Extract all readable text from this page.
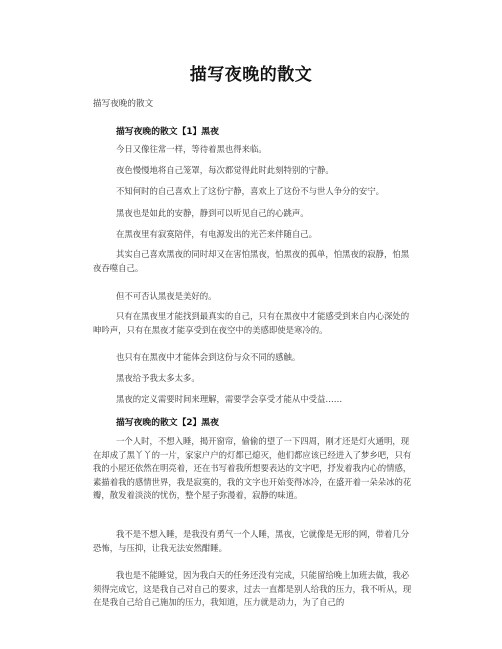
描写夜晚的散文
描写夜晚的散文
描写夜晚的散文【1】黑夜
今日又像往常一样，等待着黑也得来临。
夜色慢慢地将自己笼罩，每次都觉得此时此刻特别的宁静。
不知何时的自己喜欢上了这份宁静，喜欢上了这份不与世人争分的安宁。
黑夜也是如此的安静，静到可以听见自己的心跳声。
在黑夜里有寂寞陪伴，有电源发出的光芒来伴随自己。
其实自己喜欢黑夜的同时却又在害怕黑夜，怕黑夜的孤单，怕黑夜的寂静，怕黑夜吞噬自己。
但不可否认黑夜是美好的。
只有在黑夜里才能找到最真实的自己，只有在黑夜中才能感受到来自内心深处的呻吟声，只有在黑夜才能享受到在夜空中的美感即使是寒冷的。
也只有在黑夜中才能体会到这份与众不同的感触。
黑夜给予我太多太多。
黑夜的定义需要时间来理解，需要学会享受才能从中受益……
描写夜晚的散文【2】黑夜
一个人时，不想入睡，揭开窗帘，偷偷的望了一下四周，刚才还是灯火通明，现在却成了黑丫丫的一片，家家户户的灯都已熄灭，他们都应该已经进入了梦乡吧，只有我的小屋还依然在明亮着，还在书写着我所想要表达的文字吧，抒发着我内心的情感，素描着我的感情世界，我是寂寞的，我的文字也开始变得冰冷，在盛开着一朵朵冰的花瓣，散发着淡淡的忧伤，整个屋子弥漫着，寂静的味道。
我不是不想入睡，是我没有勇气一个人睡，黑夜，它就像是无形的网，带着几分恐怖，与压抑，让我无法安然酣睡。
我也是不能睡觉，因为我白天的任务还没有完成，只能留给晚上加班去做，我必须得完成它，这是我自己对自己的要求，过去一直都是别人给我的压力，我不听从，现在是我自己给自己施加的压力，我知道，压力就是动力，为了自己的
